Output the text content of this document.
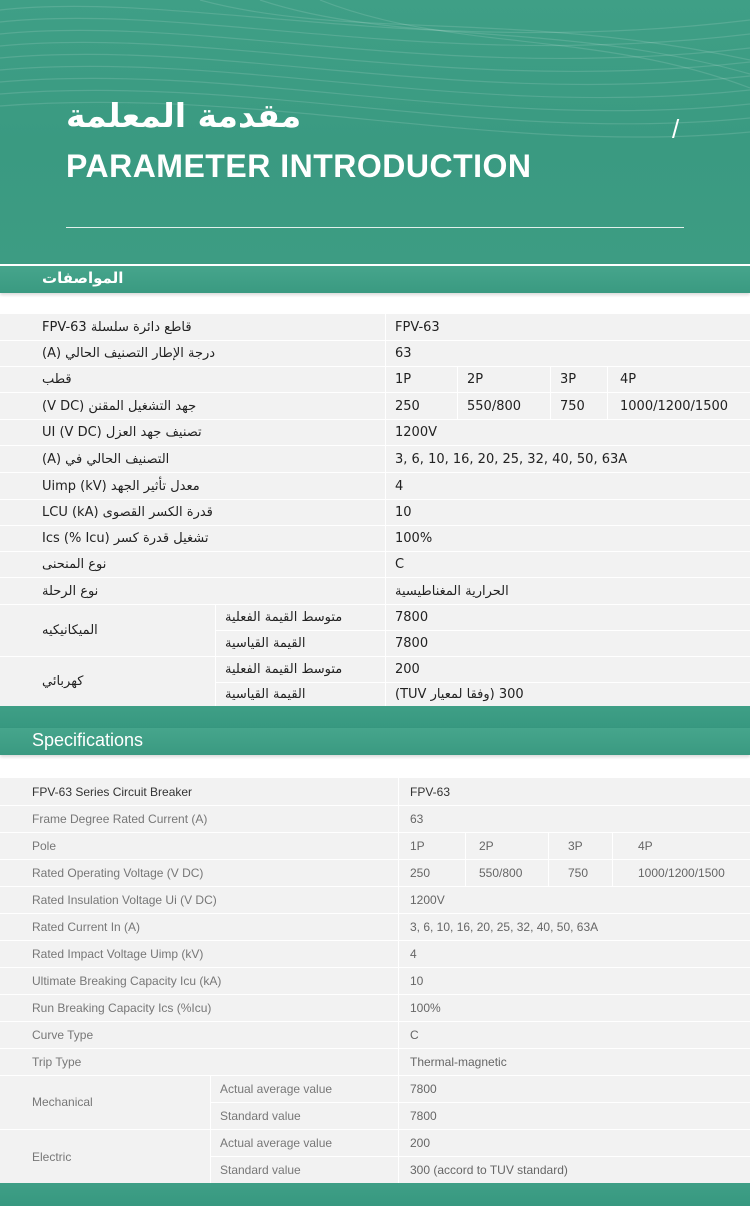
مقدمة المعلمة
PARAMETER INTRODUCTION
/
المواصفات
FPV-63 قاطع دائرة سلسلة	FPV-63
(A) درجة الإطار التصنيف الحالي	63
قطب	1P	2P	3P	4P
(V DC) جهد التشغيل المقنن	250	550/800	750	1000/1200/1500
UI (V DC) تصنيف جهد العزل	1200V
(A) التصنيف الحالي في	3, 6, 10, 16, 20, 25, 32, 40, 50, 63A
Uimp (kV) معدل تأثير الجهد	4
LCU (kA) قدرة الكسر القصوى	10
Ics (% Icu) تشغيل قدرة كسر	100%
نوع المنحنى	C
نوع الرحلة	الحرارية المغناطيسية
الميكانيكيه
متوسط القيمة الفعلية	7800
القيمة القياسية	7800
كهربائي
متوسط القيمة الفعلية	200
القيمة القياسية	300 (وفقا لمعيار TUV)
Specifications
FPV-63 Series Circuit Breaker	FPV-63
Frame Degree Rated Current (A)	63
Pole	1P	2P	3P	4P
Rated Operating Voltage (V DC)	250	550/800	750	1000/1200/1500
Rated Insulation Voltage Ui (V DC)	1200V
Rated Current In (A)	3, 6, 10, 16, 20, 25, 32, 40, 50, 63A
Rated Impact Voltage Uimp (kV)	4
Ultimate Breaking Capacity Icu (kA)	10
Run Breaking Capacity Ics (%Icu)	100%
Curve Type	C
Trip Type	Thermal-magnetic
Mechanical
Actual average value	7800
Standard value	7800
Electric
Actual average value	200
Standard value	300 (accord to TUV standard)
